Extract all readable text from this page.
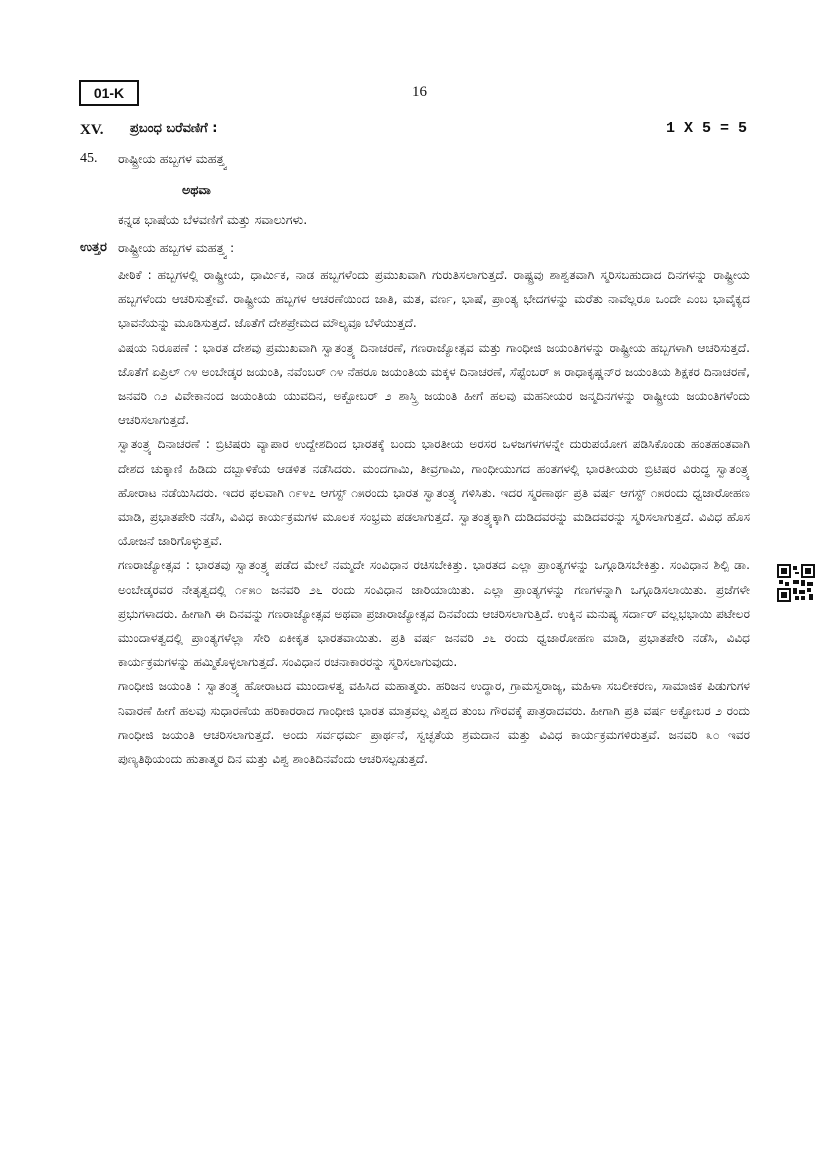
01-K	16
XV. ಪ್ರಬಂಧ ಬರೆವಣಿಗೆ :	1 X 5 = 5
45. ರಾಷ್ಟ್ರೀಯ ಹಬ್ಬಗಳ ಮಹತ್ತ್ವ
ಅಥವಾ
ಕನ್ನಡ ಭಾಷೆಯ ಬೆಳವಣಿಗೆ ಮತ್ತು ಸವಾಲುಗಳು.
ಉತ್ತರ ರಾಷ್ಟ್ರೀಯ ಹಬ್ಬಗಳ ಮಹತ್ತ್ವ :

ಪೀಠಿಕೆ : ಹಬ್ಬಗಳಲ್ಲಿ ರಾಷ್ಟ್ರೀಯ, ಧಾರ್ಮಿಕ, ನಾಡ ಹಬ್ಬಗಳೆಂದು ಪ್ರಮುಖವಾಗಿ ಗುರುತಿಸಲಾಗುತ್ತದೆ. ರಾಷ್ಟ್ರವು ಶಾಶ್ವತವಾಗಿ ಸ್ಮರಿಸಬಹುದಾದ ದಿನಗಳನ್ನು ರಾಷ್ಟ್ರೀಯ ಹಬ್ಬಗಳೆಂದು ಆಚರಿಸುತ್ತೇವೆ. ರಾಷ್ಟ್ರೀಯ ಹಬ್ಬಗಳ ಆಚರಣೆಯಿಂದ ಜಾತಿ, ಮತ, ವರ್ಣ, ಭಾಷೆ, ಪ್ರಾಂತ್ಯ ಭೇದಗಳನ್ನು ಮರೆತು ನಾವೆಲ್ಲರೂ ಒಂದೇ ಎಂಬ ಭಾವೈಕ್ಯದ ಭಾವನೆಯನ್ನು ಮೂಡಿಸುತ್ತದೆ. ಜೊತೆಗೆ ದೇಶಪ್ರೇಮದ ಮೌಲ್ಯವೂ ಬೆಳೆಯುತ್ತದೆ.

ವಿಷಯ ನಿರೂಪಣೆ : ಭಾರತ ದೇಶವು ಪ್ರಮುಖವಾಗಿ ಸ್ವಾತಂತ್ರ್ಯ ದಿನಾಚರಣೆ, ಗಣರಾಜ್ಯೋತ್ಸವ ಮತ್ತು ಗಾಂಧೀಜಿ ಜಯಂತಿಗಳನ್ನು ರಾಷ್ಟ್ರೀಯ ಹಬ್ಬಗಳಾಗಿ ಆಚರಿಸುತ್ತದೆ. ಜೊತೆಗೆ ಏಪ್ರಿಲ್ ೧೪ ಅಂಬೇಡ್ಕರ ಜಯಂತಿ, ನವೆಂಬರ್ ೧೪ ನೆಹರೂ ಜಯಂತಿಯ ಮಕ್ಕಳ ದಿನಾಚರಣೆ, ಸೆಪ್ಟೆಂಬರ್ ೫ ರಾಧಾಕೃಷ್ಣನ್‌ರ ಜಯಂತಿಯ ಶಿಕ್ಷಕರ ದಿನಾಚರಣೆ, ಜನವರಿ ೧೨ ವಿವೇಕಾನಂದ ಜಯಂತಿಯ ಯುವದಿನ, ಅಕ್ಟೋಬರ್ ೨ ಶಾಸ್ತ್ರಿ ಜಯಂತಿ ಹೀಗೆ ಹಲವು ಮಹನೀಯರ ಜನ್ಮದಿನಗಳನ್ನು ರಾಷ್ಟ್ರೀಯ ಜಯಂತಿಗಳೆಂದು ಆಚರಿಸಲಾಗುತ್ತದೆ.

ಸ್ವಾತಂತ್ರ್ಯ ದಿನಾಚರಣೆ : ಬ್ರಿಟಿಷರು ವ್ಯಾಪಾರ ಉದ್ದೇಶದಿಂದ ಭಾರತಕ್ಕೆ ಬಂದು ಭಾರತೀಯ ಅರಸರ ಒಳಜಗಳಗಳನ್ನೇ ದುರುಪಯೋಗ ಪಡಿಸಿಕೊಂಡು ಹಂತಹಂತವಾಗಿ ದೇಶದ ಚುಕ್ಕಾಣಿ ಹಿಡಿದು ದಬ್ಬಾಳಿಕೆಯ ಆಡಳಿತ ನಡೆಸಿದರು. ಮಂದಗಾಮಿ, ತೀವ್ರಗಾಮಿ, ಗಾಂಧೀಯುಗದ ಹಂತಗಳಲ್ಲಿ ಭಾರತೀಯರು ಬ್ರಿಟಿಷರ ವಿರುದ್ಧ ಸ್ವಾತಂತ್ರ್ಯ ಹೋರಾಟ ನಡೆಯಿಸಿದರು. ಇದರ ಫಲವಾಗಿ ೧೯೪೭ ಆಗಸ್ಟ್ ೧೫ರಂದು ಭಾರತ ಸ್ವಾತಂತ್ರ್ಯ ಗಳಿಸಿತು. ಇದರ ಸ್ಮರಣಾರ್ಥ ಪ್ರತಿ ವರ್ಷ ಆಗಸ್ಟ್ ೧೫ರಂದು ಧ್ವಜಾರೋಹಣ ಮಾಡಿ, ಪ್ರಭಾತಪೇರಿ ನಡೆಸಿ, ವಿವಿಧ ಕಾರ್ಯಕ್ರಮಗಳ ಮೂಲಕ ಸಂಭ್ರಮ ಪಡಲಾಗುತ್ತದೆ. ಸ್ವಾತಂತ್ರ್ಯಕ್ಕಾಗಿ ದುಡಿದವರನ್ನು ಮಡಿದವರನ್ನು ಸ್ಮರಿಸಲಾಗುತ್ತದೆ. ವಿವಿಧ ಹೊಸ ಯೋಜನೆ ಜಾರಿಗೊಳ್ಳುತ್ತವೆ.

ಗಣರಾಜ್ಯೋತ್ಸವ : ಭಾರತವು ಸ್ವಾತಂತ್ರ್ಯ ಪಡೆದ ಮೇಲೆ ನಮ್ಮದೇ ಸಂವಿಧಾನ ರಚಿಸಬೇಕಿತ್ತು. ಭಾರತದ ಎಲ್ಲಾ ಪ್ರಾಂತ್ಯಗಳನ್ನು ಒಗ್ಗೂಡಿಸಬೇಕಿತ್ತು. ಸಂವಿಧಾನ ಶಿಲ್ಪಿ ಡಾ. ಅಂಬೇಡ್ಕರವರ ನೇತೃತ್ವದಲ್ಲಿ ೧೯೫೦ ಜನವರಿ ೨೬ ರಂದು ಸಂವಿಧಾನ ಜಾರಿಯಾಯಿತು. ಎಲ್ಲಾ ಪ್ರಾಂತ್ಯಗಳನ್ನು ಗಣಗಳನ್ನಾಗಿ ಒಗ್ಗೂಡಿಸಲಾಯಿತು. ಪ್ರಜೆಗಳೇ ಪ್ರಭುಗಳಾದರು. ಹೀಗಾಗಿ ಈ ದಿನವನ್ನು ಗಣರಾಜ್ಯೋತ್ಸವ ಅಥವಾ ಪ್ರಜಾರಾಜ್ಯೋತ್ಸವ ದಿನವೆಂದು ಆಚರಿಸಲಾಗುತ್ತಿದೆ. ಉಕ್ಕಿನ ಮನುಷ್ಯ ಸರ್ದಾರ್ ವಲ್ಲಭಭಾಯಿ ಪಟೇಲರ ಮುಂದಾಳತ್ವದಲ್ಲಿ ಪ್ರಾಂತ್ಯಗಳೆಲ್ಲಾ ಸೇರಿ ಏಕೀಕೃತ ಭಾರತವಾಯಿತು. ಪ್ರತಿ ವರ್ಷ ಜನವರಿ ೨೬ ರಂದು ಧ್ವಜಾರೋಹಣ ಮಾಡಿ, ಪ್ರಭಾತಪೇರಿ ನಡೆಸಿ, ವಿವಿಧ ಕಾರ್ಯಕ್ರಮಗಳನ್ನು ಹಮ್ಮಿಕೊಳ್ಳಲಾಗುತ್ತದೆ. ಸಂವಿಧಾನ ರಚನಾಕಾರರನ್ನು ಸ್ಮರಿಸಲಾಗುವುದು.

ಗಾಂಧೀಜಿ ಜಯಂತಿ : ಸ್ವಾತಂತ್ರ್ಯ ಹೋರಾಟದ ಮುಂದಾಳತ್ವ ವಹಿಸಿದ ಮಹಾತ್ಮರು. ಹರಿಜನ ಉದ್ಧಾರ, ಗ್ರಾಮಸ್ವರಾಜ್ಯ, ಮಹಿಳಾ ಸಬಲೀಕರಣ, ಸಾಮಾಜಿಕ ಪಿಡುಗುಗಳ ನಿವಾರಣೆ ಹೀಗೆ ಹಲವು ಸುಧಾರಣೆಯ ಹರಿಕಾರರಾದ ಗಾಂಧೀಜಿ ಭಾರತ ಮಾತ್ರವಲ್ಲ ವಿಶ್ವದ ತುಂಬ ಗೌರವಕ್ಕೆ ಪಾತ್ರರಾದವರು. ಹೀಗಾಗಿ ಪ್ರತಿ ವರ್ಷ ಅಕ್ಟೋಬರ ೨ ರಂದು ಗಾಂಧೀಜಿ ಜಯಂತಿ ಆಚರಿಸಲಾಗುತ್ತದೆ. ಅಂದು ಸರ್ವಧರ್ಮ ಪ್ರಾರ್ಥನೆ, ಸ್ವಚ್ಛತೆಯ ಶ್ರಮದಾನ ಮತ್ತು ವಿವಿಧ ಕಾರ್ಯಕ್ರಮಗಳಿರುತ್ತವೆ. ಜನವರಿ ೩೦ ಇವರ ಪುಣ್ಯತಿಥಿಯಂದು ಹುತಾತ್ಮರ ದಿನ ಮತ್ತು ವಿಶ್ವ ಶಾಂತಿದಿನವೆಂದು ಆಚರಿಸಲ್ಪಡುತ್ತದೆ.
